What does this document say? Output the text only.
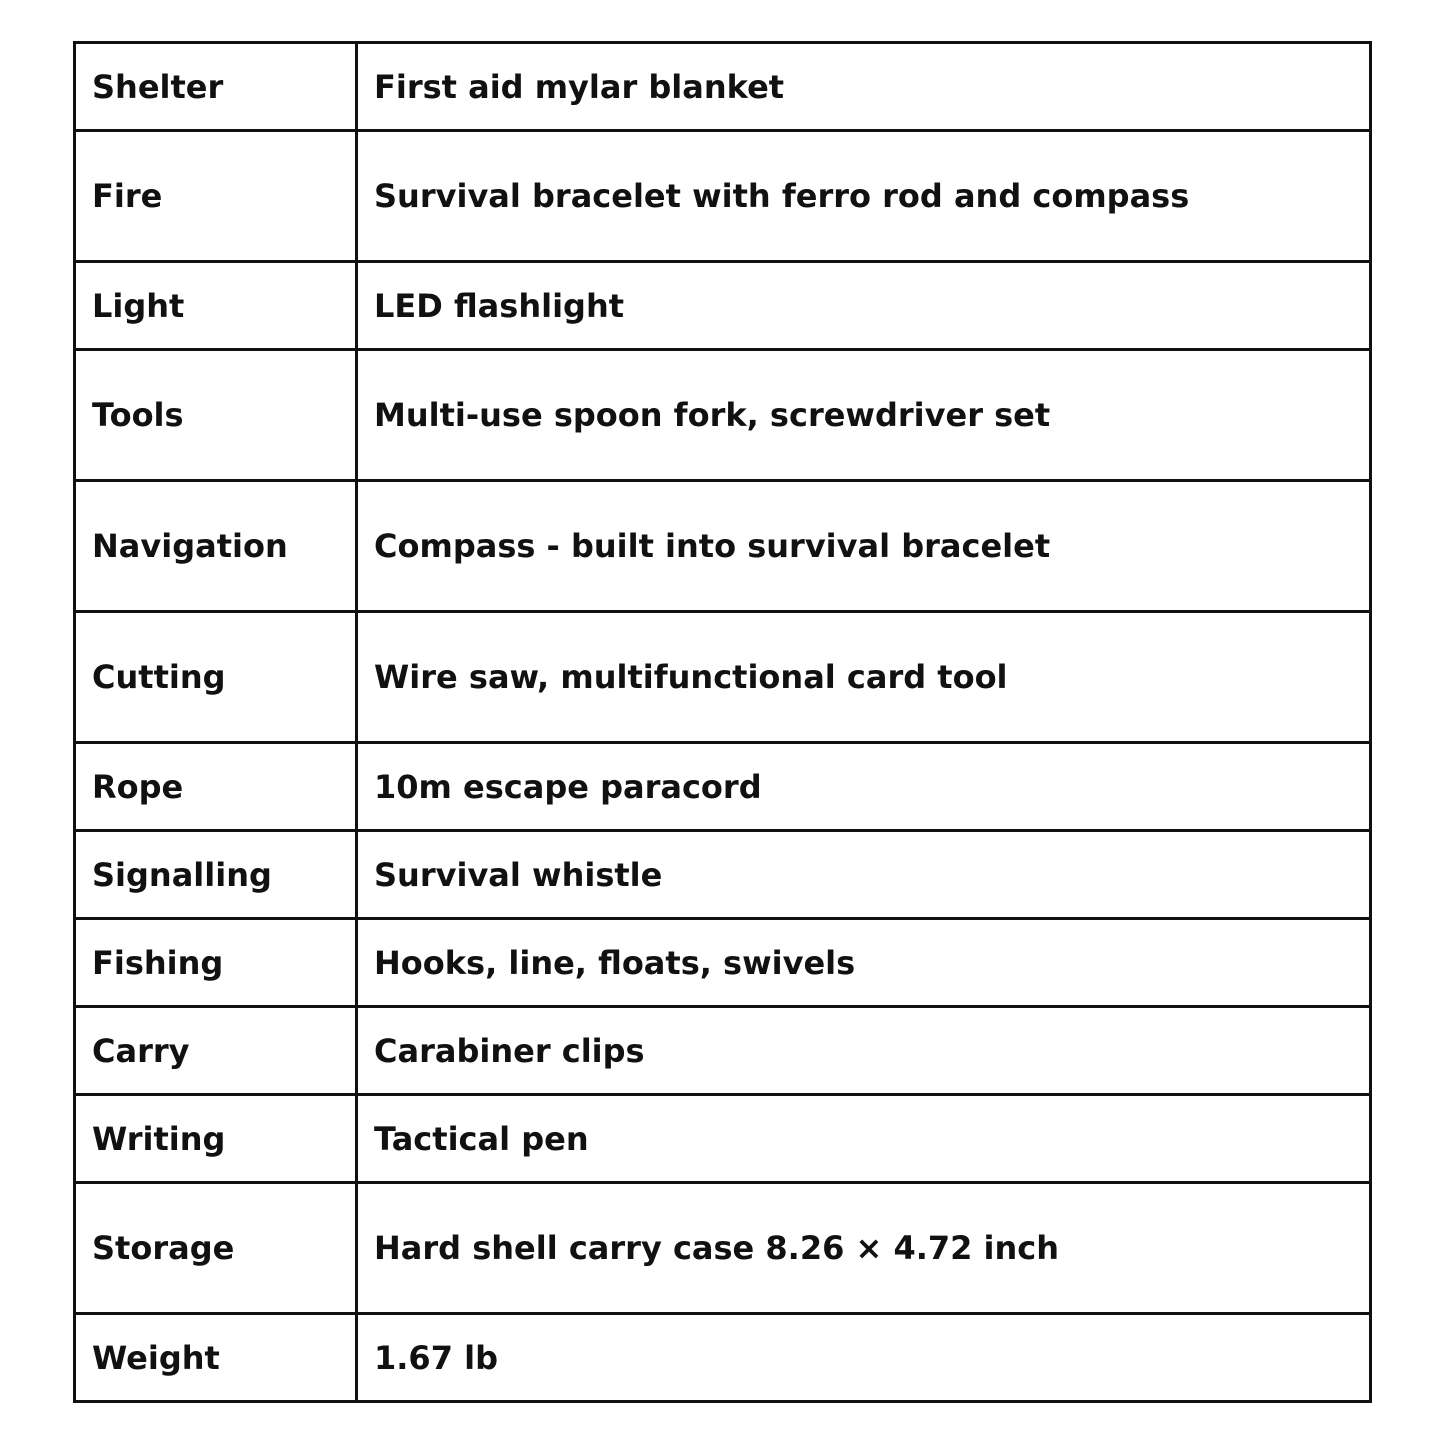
Shelter	First aid mylar blanket
Fire	Survival bracelet with ferro rod and compass
Light	LED flashlight
Tools	Multi-use spoon fork, screwdriver set
Navigation	Compass - built into survival bracelet
Cutting	Wire saw, multifunctional card tool
Rope	10m escape paracord
Signalling	Survival whistle
Fishing	Hooks, line, floats, swivels
Carry	Carabiner clips
Writing	Tactical pen
Storage	Hard shell carry case 8.26 × 4.72 inch
Weight	1.67 lb
